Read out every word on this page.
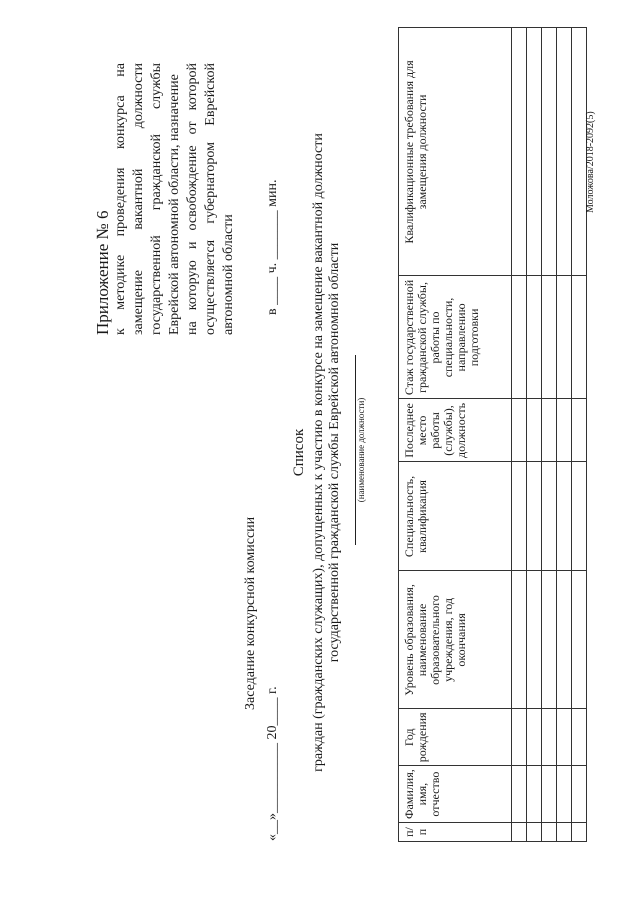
Приложение № 6 к
методике
проведения
конкурса
на
замещение
вакантной
должности
государственной
гражданской
службы Еврейской автономной области, назначение на
которую
и
освобождение
от
которой
осуществляется
губернатором
Еврейской
автономной области
Заседание конкурсной комиссии
«__»__________ 20____ г.
в ____ ч. _______ мин.
Список граждан (гражданских служащих), допущенных к участию в конкурсе на замещение вакантной должности государственной гражданской службы Еврейской автономной области (наименование должности)
п/п	Фамилия, имя, отчество	Год рождения	Уровень образования, наименование образовательного учреждения, год окончания	Специальность, квалификация	Последнее место работы (службы), должность	Стаж государственной гражданской службы, работы по специальности, направлению подготовки	Квалификационные требования для замещения должности

								Моложова/2018-2092(5)
